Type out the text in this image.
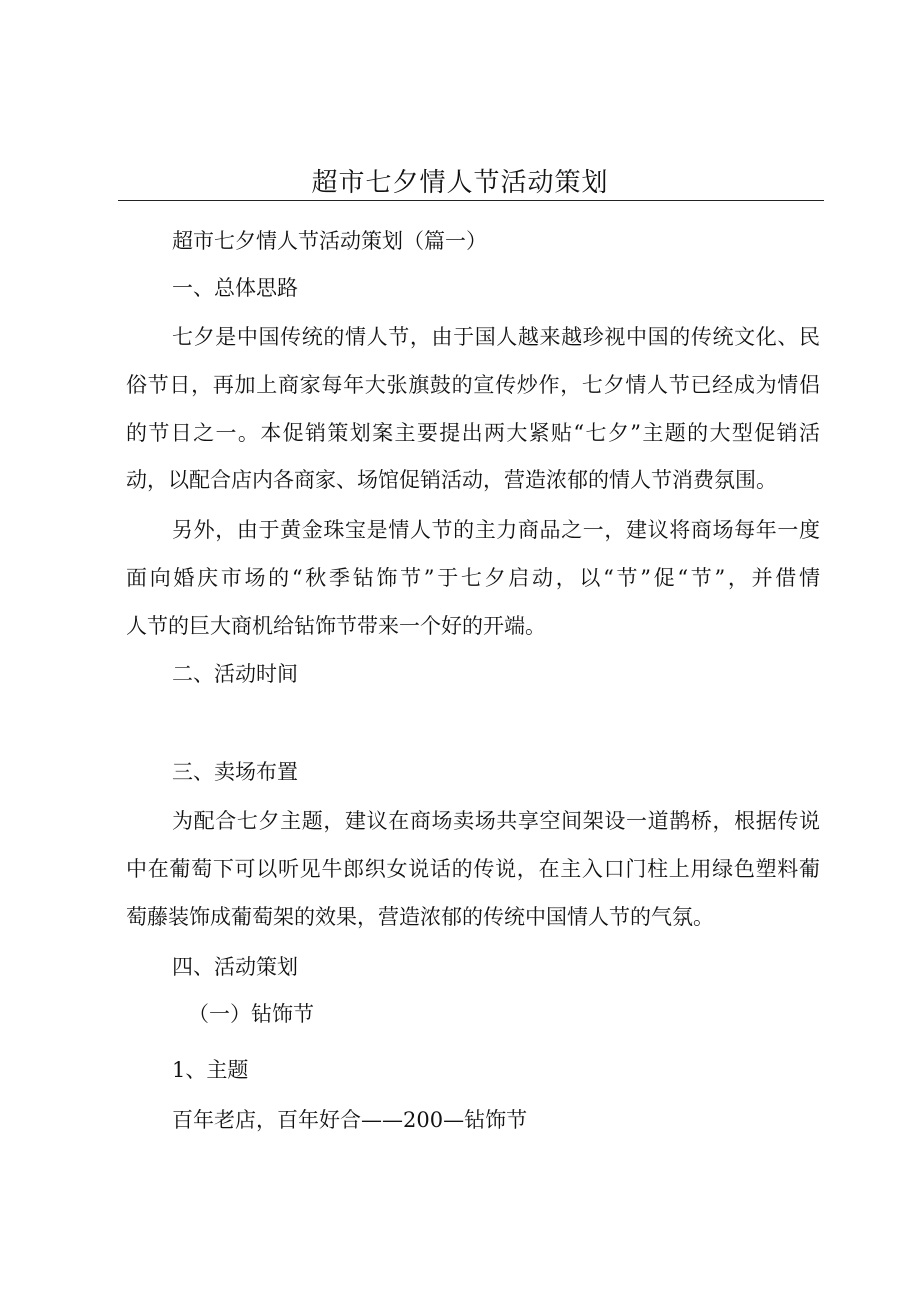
超市七夕情人节活动策划
超市七夕情人节活动策划（篇一）
一、总体思路
七夕是中国传统的情人节，由于国人越来越珍视中国的传统文化、民
俗节日，再加上商家每年大张旗鼓的宣传炒作，七夕情人节已经成为情侣
的节日之一。本促销策划案主要提出两大紧贴“七夕”主题的大型促销活
动，以配合店内各商家、场馆促销活动，营造浓郁的情人节消费氛围。
另外，由于黄金珠宝是情人节的主力商品之一，建议将商场每年一度
面向婚庆市场的“秋季钻饰节”于七夕启动，以“节”促“节”，并借情
人节的巨大商机给钻饰节带来一个好的开端。
二、活动时间
三、卖场布置
为配合七夕主题，建议在商场卖场共享空间架设一道鹊桥，根据传说
中在葡萄下可以听见牛郎织女说话的传说，在主入口门柱上用绿色塑料葡
萄藤装饰成葡萄架的效果，营造浓郁的传统中国情人节的气氛。
四、活动策划
（一）钻饰节
1、主题
百年老店，百年好合——200—钻饰节
